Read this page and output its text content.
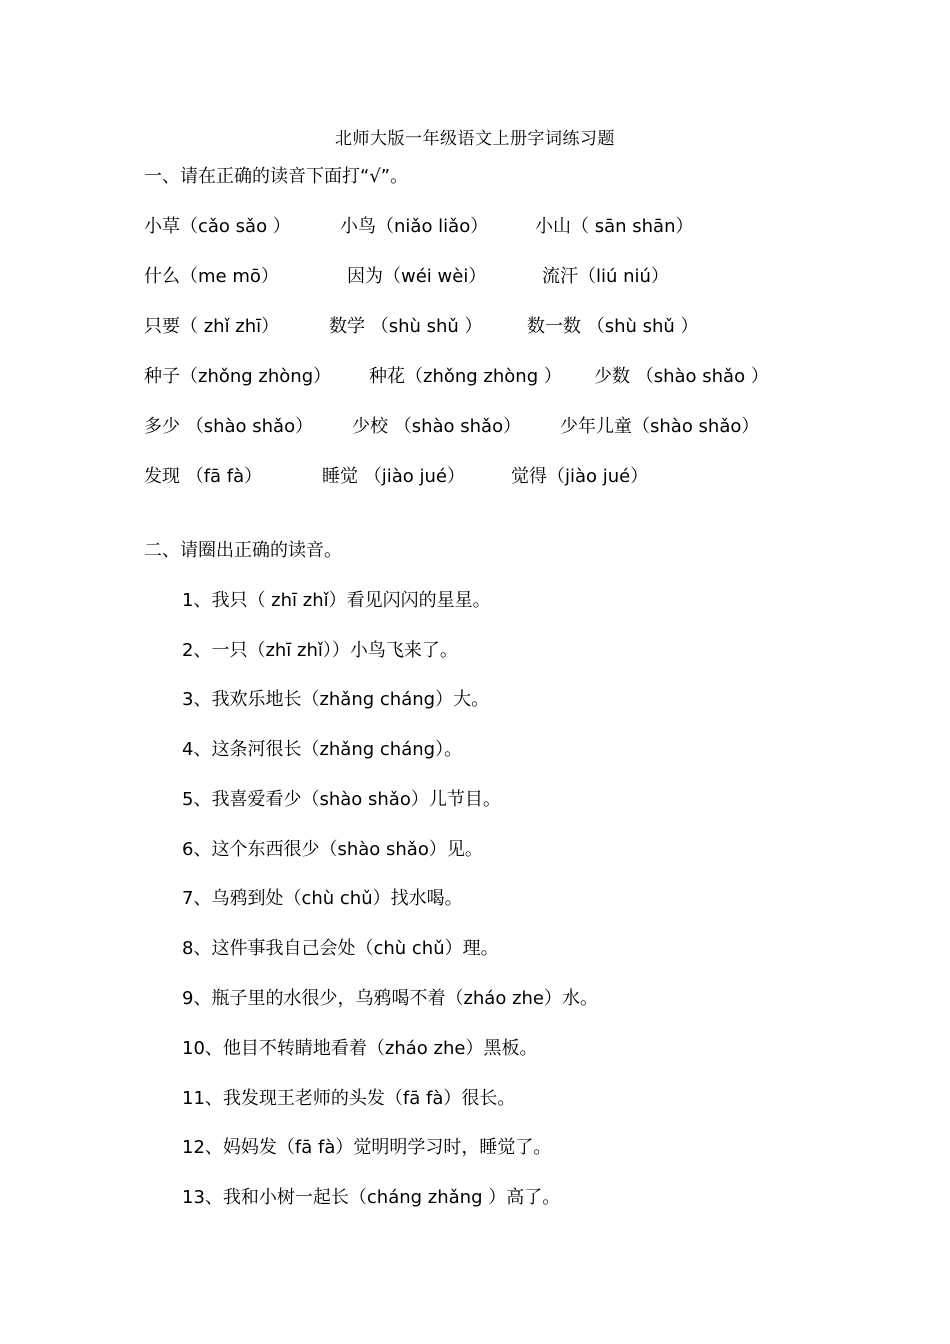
北师大版一年级语文上册字词练习题
一、请在正确的读音下面打“√”。
小草（cǎo sǎo ）	小鸟（niǎo liǎo）	小山（ sān shān）
什么（me mō）	因为（wéi wèi）	流汗（liú niú）
只要（ zhǐ zhī）	数学 （shù shǔ ） 数一数 （shù shǔ ）
种子（zhǒng zhòng） 种花（zhǒng zhòng ） 少数 （shào shǎo ）
多少 （shào shǎo） 少校 （shào shǎo） 少年儿童（shào shǎo）
发现 （fā fà）	睡觉 （jiào jué）	觉得（jiào jué）
二、请圈出正确的读音。
1、我只（ zhī zhǐ）看见闪闪的星星。
2、一只（zhī zhǐ））小鸟飞来了。
3、我欢乐地长（zhǎng cháng）大。
4、这条河很长（zhǎng cháng）。
5、我喜爱看少（shào shǎo）儿节目。
6、这个东西很少（shào shǎo）见。
7、乌鸦到处（chù chǔ）找水喝。
8、这件事我自己会处（chù chǔ）理。
9、瓶子里的水很少，乌鸦喝不着（zháo zhe）水。
10、他目不转睛地看着（zháo zhe）黑板。
11、我发现王老师的头发（fā fà）很长。
12、妈妈发（fā fà）觉明明学习时，睡觉了。
13、我和小树一起长（cháng zhǎng ）高了。
